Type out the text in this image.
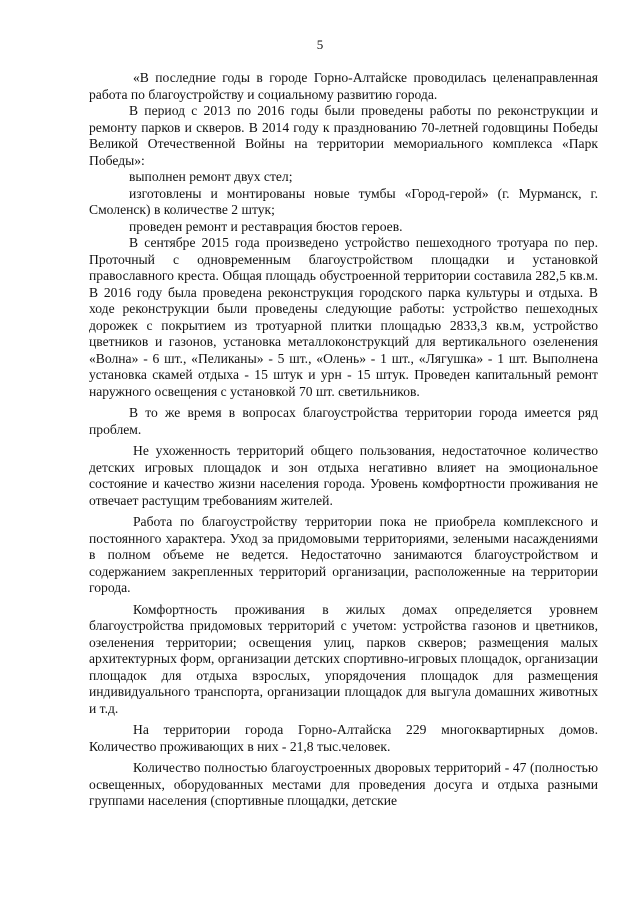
5

«В последние годы в городе Горно-Алтайске проводилась целенаправленная работа по благоустройству и социальному развитию города.

В период с 2013 по 2016 годы были проведены работы по реконструкции и ремонту парков и скверов. В 2014 году к празднованию 70-летней годовщины Победы Великой Отечественной Войны на территории мемориального комплекса «Парк Победы»:

выполнен ремонт двух стел;

изготовлены и монтированы новые тумбы «Город-герой» (г. Мурманск, г. Смоленск) в количестве 2 штук;

проведен ремонт и реставрация бюстов героев.

В сентябре 2015 года произведено устройство пешеходного тротуара по пер. Проточный с одновременным благоустройством площадки и установкой православного креста. Общая площадь обустроенной территории составила 282,5 кв.м. В 2016 году была проведена реконструкция городского парка культуры и отдыха. В ходе реконструкции были проведены следующие работы: устройство пешеходных дорожек с покрытием из тротуарной плитки площадью 2833,3 кв.м, устройство цветников и газонов, установка металлоконструкций для вертикального озеленения «Волна» - 6 шт., «Пеликаны» - 5 шт., «Олень» - 1 шт., «Лягушка» - 1 шт. Выполнена установка скамей отдыха - 15 штук и урн - 15 штук. Проведен капитальный ремонт наружного освещения с установкой 70 шт. светильников.

В то же время в вопросах благоустройства территории города имеется ряд проблем.

Не ухоженность территорий общего пользования, недостаточное количество детских игровых площадок и зон отдыха негативно влияет на эмоциональное состояние и качество жизни населения города. Уровень комфортности проживания не отвечает растущим требованиям жителей.

Работа по благоустройству территории пока не приобрела комплексного и постоянного характера. Уход за придомовыми территориями, зелеными насаждениями в полном объеме не ведется. Недостаточно занимаются благоустройством и содержанием закрепленных территорий организации, расположенные на территории города.

Комфортность проживания в жилых домах определяется уровнем благоустройства придомовых территорий с учетом: устройства газонов и цветников, озеленения территории; освещения улиц, парков скверов; размещения малых архитектурных форм, организации детских спортивно-игровых площадок, организации площадок для отдыха взрослых, упорядочения площадок для размещения индивидуального транспорта, организации площадок для выгула домашних животных и т.д.

На территории города Горно-Алтайска 229 многоквартирных домов. Количество проживающих в них - 21,8 тыс.человек.

Количество полностью благоустроенных дворовых территорий - 47 (полностью освещенных, оборудованных местами для проведения досуга и отдыха разными группами населения (спортивные площадки, детские
